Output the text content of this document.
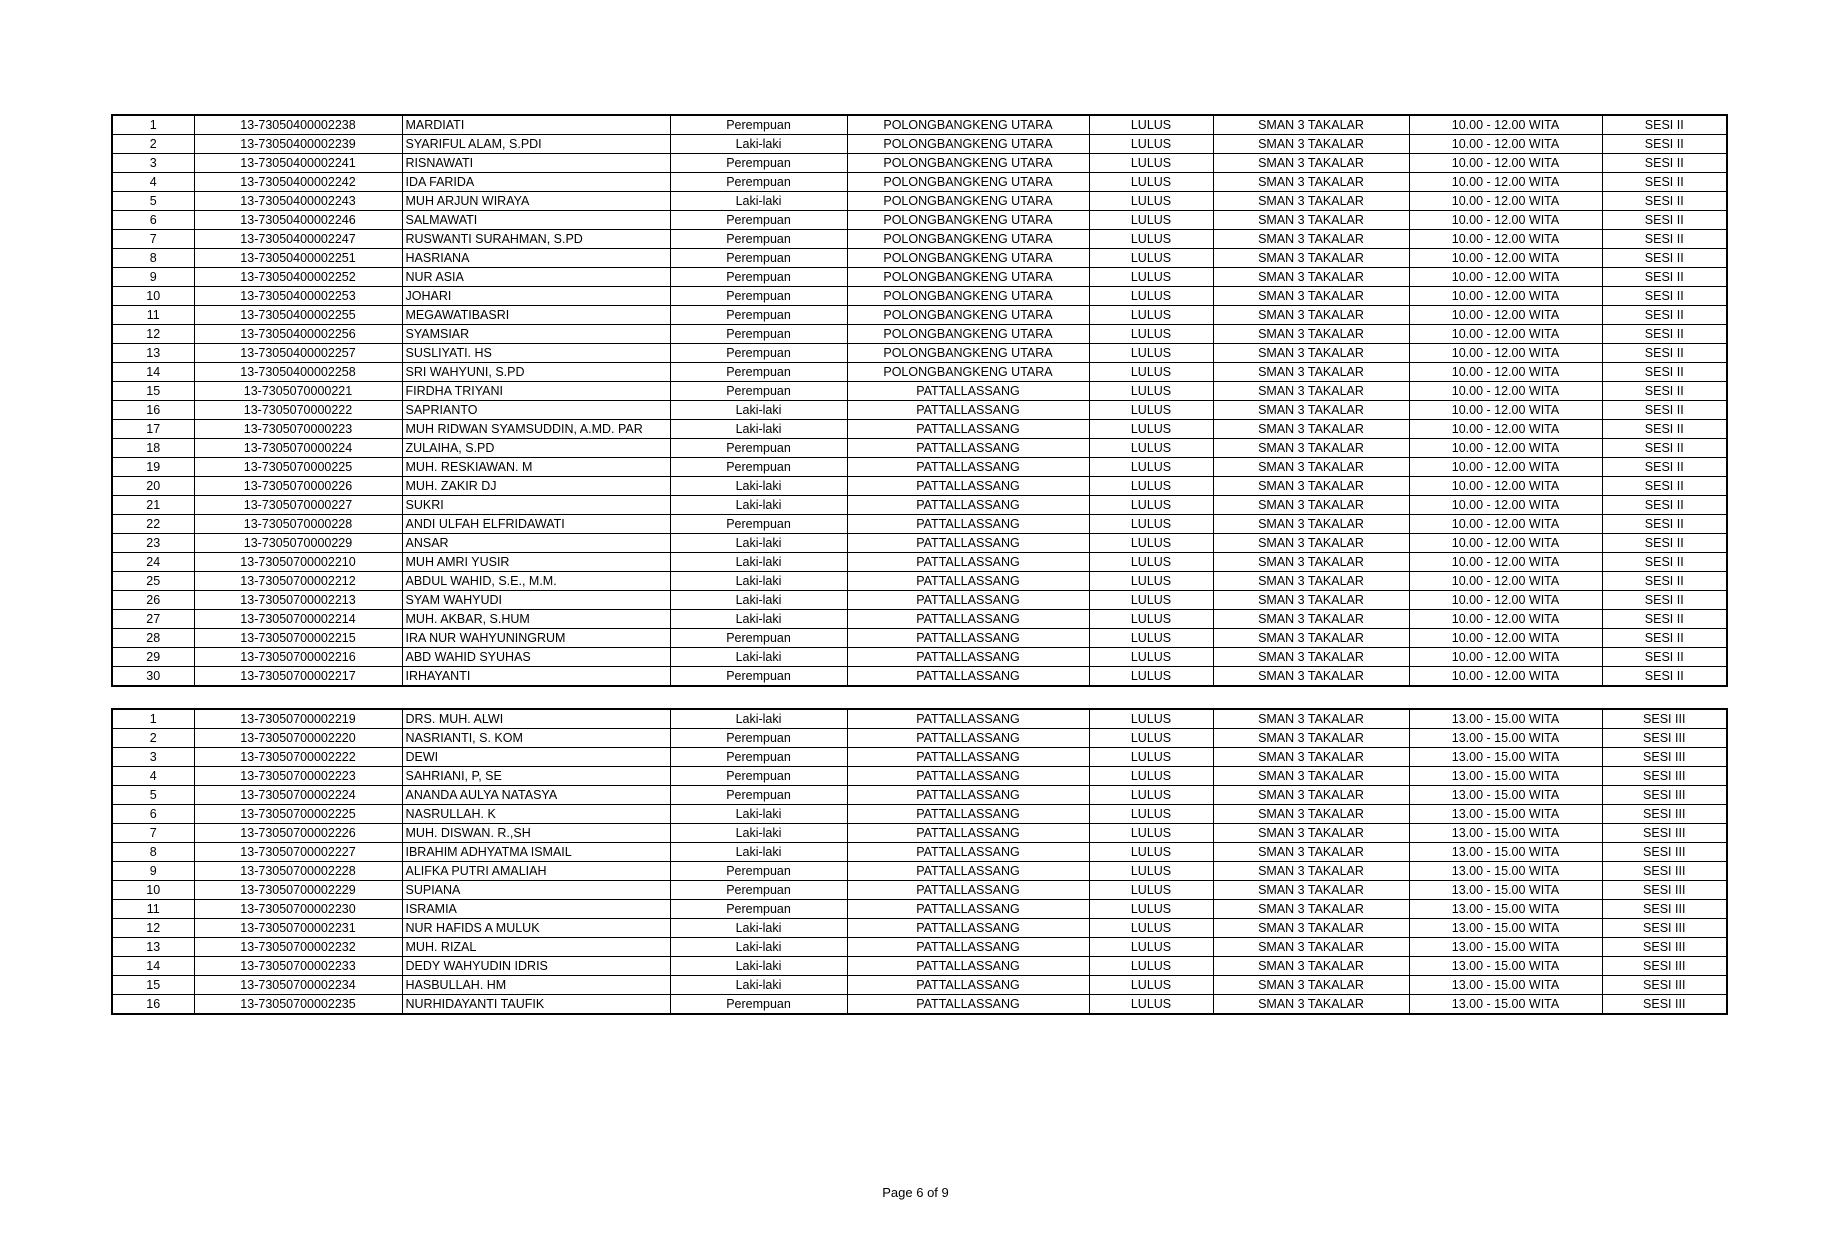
1	13-73050400002238	MARDIATI	Perempuan	POLONGBANGKENG UTARA	LULUS	SMAN 3 TAKALAR	10.00 - 12.00 WITA	SESI II
2	13-73050400002239	SYARIFUL ALAM, S.PDI	Laki-laki	POLONGBANGKENG UTARA	LULUS	SMAN 3 TAKALAR	10.00 - 12.00 WITA	SESI II
3	13-73050400002241	RISNAWATI	Perempuan	POLONGBANGKENG UTARA	LULUS	SMAN 3 TAKALAR	10.00 - 12.00 WITA	SESI II
4	13-73050400002242	IDA FARIDA	Perempuan	POLONGBANGKENG UTARA	LULUS	SMAN 3 TAKALAR	10.00 - 12.00 WITA	SESI II
5	13-73050400002243	MUH ARJUN WIRAYA	Laki-laki	POLONGBANGKENG UTARA	LULUS	SMAN 3 TAKALAR	10.00 - 12.00 WITA	SESI II
6	13-73050400002246	SALMAWATI	Perempuan	POLONGBANGKENG UTARA	LULUS	SMAN 3 TAKALAR	10.00 - 12.00 WITA	SESI II
7	13-73050400002247	RUSWANTI SURAHMAN, S.PD	Perempuan	POLONGBANGKENG UTARA	LULUS	SMAN 3 TAKALAR	10.00 - 12.00 WITA	SESI II
8	13-73050400002251	HASRIANA	Perempuan	POLONGBANGKENG UTARA	LULUS	SMAN 3 TAKALAR	10.00 - 12.00 WITA	SESI II
9	13-73050400002252	NUR ASIA	Perempuan	POLONGBANGKENG UTARA	LULUS	SMAN 3 TAKALAR	10.00 - 12.00 WITA	SESI II
10	13-73050400002253	JOHARI	Perempuan	POLONGBANGKENG UTARA	LULUS	SMAN 3 TAKALAR	10.00 - 12.00 WITA	SESI II
11	13-73050400002255	MEGAWATIBASRI	Perempuan	POLONGBANGKENG UTARA	LULUS	SMAN 3 TAKALAR	10.00 - 12.00 WITA	SESI II
12	13-73050400002256	SYAMSIAR	Perempuan	POLONGBANGKENG UTARA	LULUS	SMAN 3 TAKALAR	10.00 - 12.00 WITA	SESI II
13	13-73050400002257	SUSLIYATI. HS	Perempuan	POLONGBANGKENG UTARA	LULUS	SMAN 3 TAKALAR	10.00 - 12.00 WITA	SESI II
14	13-73050400002258	SRI WAHYUNI, S.PD	Perempuan	POLONGBANGKENG UTARA	LULUS	SMAN 3 TAKALAR	10.00 - 12.00 WITA	SESI II
15	13-7305070000221	FIRDHA TRIYANI	Perempuan	PATTALLASSANG	LULUS	SMAN 3 TAKALAR	10.00 - 12.00 WITA	SESI II
16	13-7305070000222	SAPRIANTO	Laki-laki	PATTALLASSANG	LULUS	SMAN 3 TAKALAR	10.00 - 12.00 WITA	SESI II
17	13-7305070000223	MUH RIDWAN SYAMSUDDIN, A.MD. PAR	Laki-laki	PATTALLASSANG	LULUS	SMAN 3 TAKALAR	10.00 - 12.00 WITA	SESI II
18	13-7305070000224	ZULAIHA, S.PD	Perempuan	PATTALLASSANG	LULUS	SMAN 3 TAKALAR	10.00 - 12.00 WITA	SESI II
19	13-7305070000225	MUH. RESKIAWAN. M	Perempuan	PATTALLASSANG	LULUS	SMAN 3 TAKALAR	10.00 - 12.00 WITA	SESI II
20	13-7305070000226	MUH. ZAKIR DJ	Laki-laki	PATTALLASSANG	LULUS	SMAN 3 TAKALAR	10.00 - 12.00 WITA	SESI II
21	13-7305070000227	SUKRI	Laki-laki	PATTALLASSANG	LULUS	SMAN 3 TAKALAR	10.00 - 12.00 WITA	SESI II
22	13-7305070000228	ANDI ULFAH ELFRIDAWATI	Perempuan	PATTALLASSANG	LULUS	SMAN 3 TAKALAR	10.00 - 12.00 WITA	SESI II
23	13-7305070000229	ANSAR	Laki-laki	PATTALLASSANG	LULUS	SMAN 3 TAKALAR	10.00 - 12.00 WITA	SESI II
24	13-73050700002210	MUH AMRI YUSIR	Laki-laki	PATTALLASSANG	LULUS	SMAN 3 TAKALAR	10.00 - 12.00 WITA	SESI II
25	13-73050700002212	ABDUL WAHID, S.E., M.M.	Laki-laki	PATTALLASSANG	LULUS	SMAN 3 TAKALAR	10.00 - 12.00 WITA	SESI II
26	13-73050700002213	SYAM WAHYUDI	Laki-laki	PATTALLASSANG	LULUS	SMAN 3 TAKALAR	10.00 - 12.00 WITA	SESI II
27	13-73050700002214	MUH. AKBAR, S.HUM	Laki-laki	PATTALLASSANG	LULUS	SMAN 3 TAKALAR	10.00 - 12.00 WITA	SESI II
28	13-73050700002215	IRA NUR WAHYUNINGRUM	Perempuan	PATTALLASSANG	LULUS	SMAN 3 TAKALAR	10.00 - 12.00 WITA	SESI II
29	13-73050700002216	ABD WAHID SYUHAS	Laki-laki	PATTALLASSANG	LULUS	SMAN 3 TAKALAR	10.00 - 12.00 WITA	SESI II
30	13-73050700002217	IRHAYANTI	Perempuan	PATTALLASSANG	LULUS	SMAN 3 TAKALAR	10.00 - 12.00 WITA	SESI II
1	13-73050700002219	DRS. MUH. ALWI	Laki-laki	PATTALLASSANG	LULUS	SMAN 3 TAKALAR	13.00 - 15.00 WITA	SESI III
2	13-73050700002220	NASRIANTI, S. KOM	Perempuan	PATTALLASSANG	LULUS	SMAN 3 TAKALAR	13.00 - 15.00 WITA	SESI III
3	13-73050700002222	DEWI	Perempuan	PATTALLASSANG	LULUS	SMAN 3 TAKALAR	13.00 - 15.00 WITA	SESI III
4	13-73050700002223	SAHRIANI, P, SE	Perempuan	PATTALLASSANG	LULUS	SMAN 3 TAKALAR	13.00 - 15.00 WITA	SESI III
5	13-73050700002224	ANANDA AULYA NATASYA	Perempuan	PATTALLASSANG	LULUS	SMAN 3 TAKALAR	13.00 - 15.00 WITA	SESI III
6	13-73050700002225	NASRULLAH. K	Laki-laki	PATTALLASSANG	LULUS	SMAN 3 TAKALAR	13.00 - 15.00 WITA	SESI III
7	13-73050700002226	MUH. DISWAN. R.,SH	Laki-laki	PATTALLASSANG	LULUS	SMAN 3 TAKALAR	13.00 - 15.00 WITA	SESI III
8	13-73050700002227	IBRAHIM ADHYATMA ISMAIL	Laki-laki	PATTALLASSANG	LULUS	SMAN 3 TAKALAR	13.00 - 15.00 WITA	SESI III
9	13-73050700002228	ALIFKA PUTRI AMALIAH	Perempuan	PATTALLASSANG	LULUS	SMAN 3 TAKALAR	13.00 - 15.00 WITA	SESI III
10	13-73050700002229	SUPIANA	Perempuan	PATTALLASSANG	LULUS	SMAN 3 TAKALAR	13.00 - 15.00 WITA	SESI III
11	13-73050700002230	ISRAMIA	Perempuan	PATTALLASSANG	LULUS	SMAN 3 TAKALAR	13.00 - 15.00 WITA	SESI III
12	13-73050700002231	NUR HAFIDS A MULUK	Laki-laki	PATTALLASSANG	LULUS	SMAN 3 TAKALAR	13.00 - 15.00 WITA	SESI III
13	13-73050700002232	MUH. RIZAL	Laki-laki	PATTALLASSANG	LULUS	SMAN 3 TAKALAR	13.00 - 15.00 WITA	SESI III
14	13-73050700002233	DEDY WAHYUDIN IDRIS	Laki-laki	PATTALLASSANG	LULUS	SMAN 3 TAKALAR	13.00 - 15.00 WITA	SESI III
15	13-73050700002234	HASBULLAH. HM	Laki-laki	PATTALLASSANG	LULUS	SMAN 3 TAKALAR	13.00 - 15.00 WITA	SESI III
16	13-73050700002235	NURHIDAYANTI TAUFIK	Perempuan	PATTALLASSANG	LULUS	SMAN 3 TAKALAR	13.00 - 15.00 WITA	SESI III
Page 6 of 9
